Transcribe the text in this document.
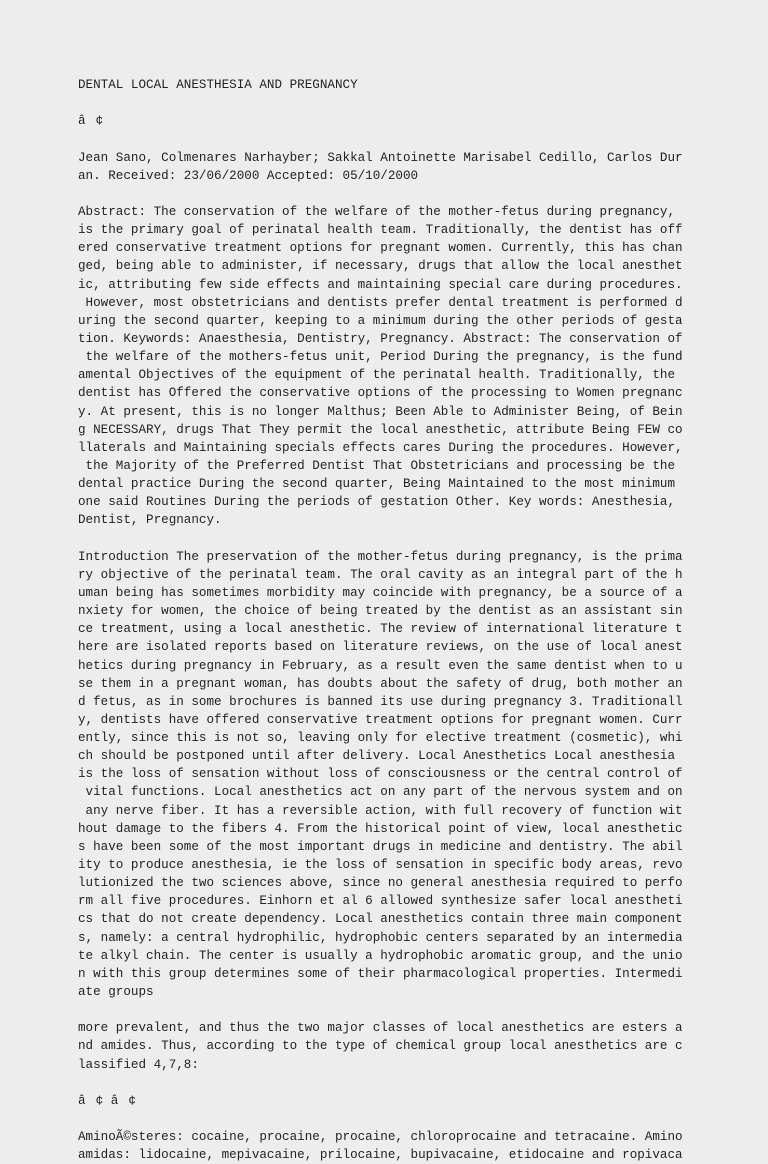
DENTAL LOCAL ANESTHESIA AND PREGNANCY
â¢
Jean Sano, Colmenares Narhayber; Sakkal Antoinette Marisabel Cedillo, Carlos Dur
an. Received: 23/06/2000 Accepted: 05/10/2000
Abstract: The conservation of the welfare of the mother-fetus during pregnancy,
is the primary goal of perinatal health team. Traditionally, the dentist has off
ered conservative treatment options for pregnant women. Currently, this has chan
ged, being able to administer, if necessary, drugs that allow the local anesthet
ic, attributing few side effects and maintaining special care during procedures.
However, most obstetricians and dentists prefer dental treatment is performed d
uring the second quarter, keeping to a minimum during the other periods of gesta
tion. Keywords: Anaesthesia, Dentistry, Pregnancy. Abstract: The conservation of
the welfare of the mothers-fetus unit, Period During the pregnancy, is the fund
amental Objectives of the equipment of the perinatal health. Traditionally, the
dentist has Offered the conservative options of the processing to Women pregnanc
y. At present, this is no longer Malthus; Been Able to Administer Being, of Bein
g NECESSARY, drugs That They permit the local anesthetic, attribute Being FEW co
llaterals and Maintaining specials effects cares During the procedures. However,
the Majority of the Preferred Dentist That Obstetricians and processing be the
dental practice During the second quarter, Being Maintained to the most minimum
one said Routines During the periods of gestation Other. Key words: Anesthesia,
Dentist, Pregnancy.
Introduction The preservation of the mother-fetus during pregnancy, is the prima
ry objective of the perinatal team. The oral cavity as an integral part of the h
uman being has sometimes morbidity may coincide with pregnancy, be a source of a
nxiety for women, the choice of being treated by the dentist as an assistant sin
ce treatment, using a local anesthetic. The review of international literature t
here are isolated reports based on literature reviews, on the use of local anest
hetics during pregnancy in February, as a result even the same dentist when to u
se them in a pregnant woman, has doubts about the safety of drug, both mother an
d fetus, as in some brochures is banned its use during pregnancy 3. Traditionall
y, dentists have offered conservative treatment options for pregnant women. Curr
ently, since this is not so, leaving only for elective treatment (cosmetic), whi
ch should be postponed until after delivery. Local Anesthetics Local anesthesia
is the loss of sensation without loss of consciousness or the central control of
vital functions. Local anesthetics act on any part of the nervous system and on
any nerve fiber. It has a reversible action, with full recovery of function wit
hout damage to the fibers 4. From the historical point of view, local anesthetic
s have been some of the most important drugs in medicine and dentistry. The abil
ity to produce anesthesia, ie the loss of sensation in specific body areas, revo
lutionized the two sciences above, since no general anesthesia required to perfo
rm all five procedures. Einhorn et al 6 allowed synthesize safer local anestheti
cs that do not create dependency. Local anesthetics contain three main component
s, namely: a central hydrophilic, hydrophobic centers separated by an intermedia
te alkyl chain. The center is usually a hydrophobic aromatic group, and the unio
n with this group determines some of their pharmacological properties. Intermedi
ate groups
more prevalent, and thus the two major classes of local anesthetics are esters a
nd amides. Thus, according to the type of chemical group local anesthetics are c
lassified 4,7,8:
â¢ â¢
AminoÃ©steres: cocaine, procaine, procaine, chloroprocaine and tetracaine. Amino
amidas: lidocaine, mepivacaine, prilocaine, bupivacaine, etidocaine and ropivaca
